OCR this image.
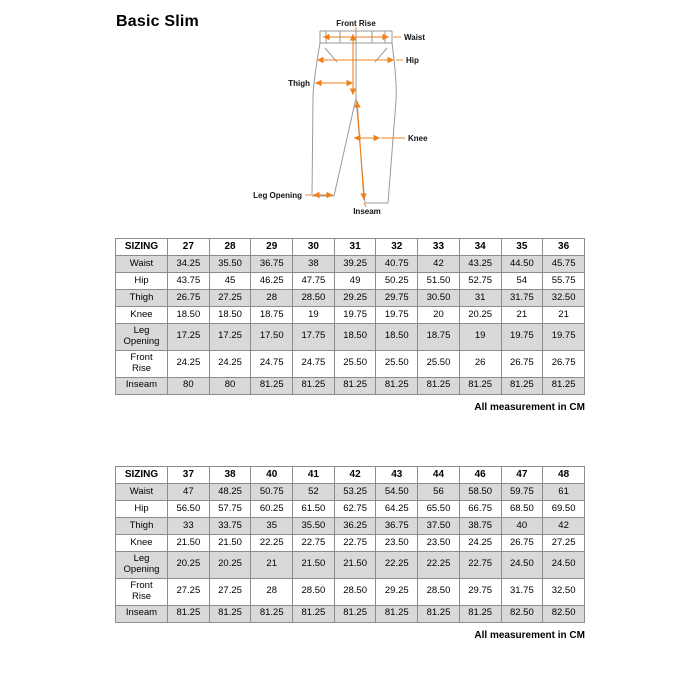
Basic Slim	Front Rise
Waist
Hip
Thigh
Knee
Leg Opening
Inseam
SIZING	27	28	29	30	31	32	33	34	35	36
Waist	34.25	35.50	36.75	38	39.25	40.75	42	43.25	44.50	45.75
Hip	43.75	45	46.25	47.75	49	50.25	51.50	52.75	54	55.75
Thigh	26.75	27.25	28	28.50	29.25	29.75	30.50	31	31.75	32.50
Knee	18.50	18.50	18.75	19	19.75	19.75	20	20.25	21	21
Leg Opening	17.25	17.25	17.50	17.75	18.50	18.50	18.75	19	19.75	19.75
Front Rise	24.25	24.25	24.75	24.75	25.50	25.50	25.50	26	26.75	26.75
Inseam	80	80	81.25	81.25	81.25	81.25	81.25	81.25	81.25	81.25
All measurement in CM
SIZING	37	38	40	41	42	43	44	46	47	48
Waist	47	48.25	50.75	52	53.25	54.50	56	58.50	59.75	61
Hip	56.50	57.75	60.25	61.50	62.75	64.25	65.50	66.75	68.50	69.50
Thigh	33	33.75	35	35.50	36.25	36.75	37.50	38.75	40	42
Knee	21.50	21.50	22.25	22.75	22.75	23.50	23.50	24.25	26.75	27.25
Leg Opening	20.25	20.25	21	21.50	21.50	22.25	22.25	22.75	24.50	24.50
Front Rise	27.25	27.25	28	28.50	28.50	29.25	28.50	29.75	31.75	32.50
Inseam	81.25	81.25	81.25	81.25	81.25	81.25	81.25	81.25	82.50	82.50
All measurement in CM
